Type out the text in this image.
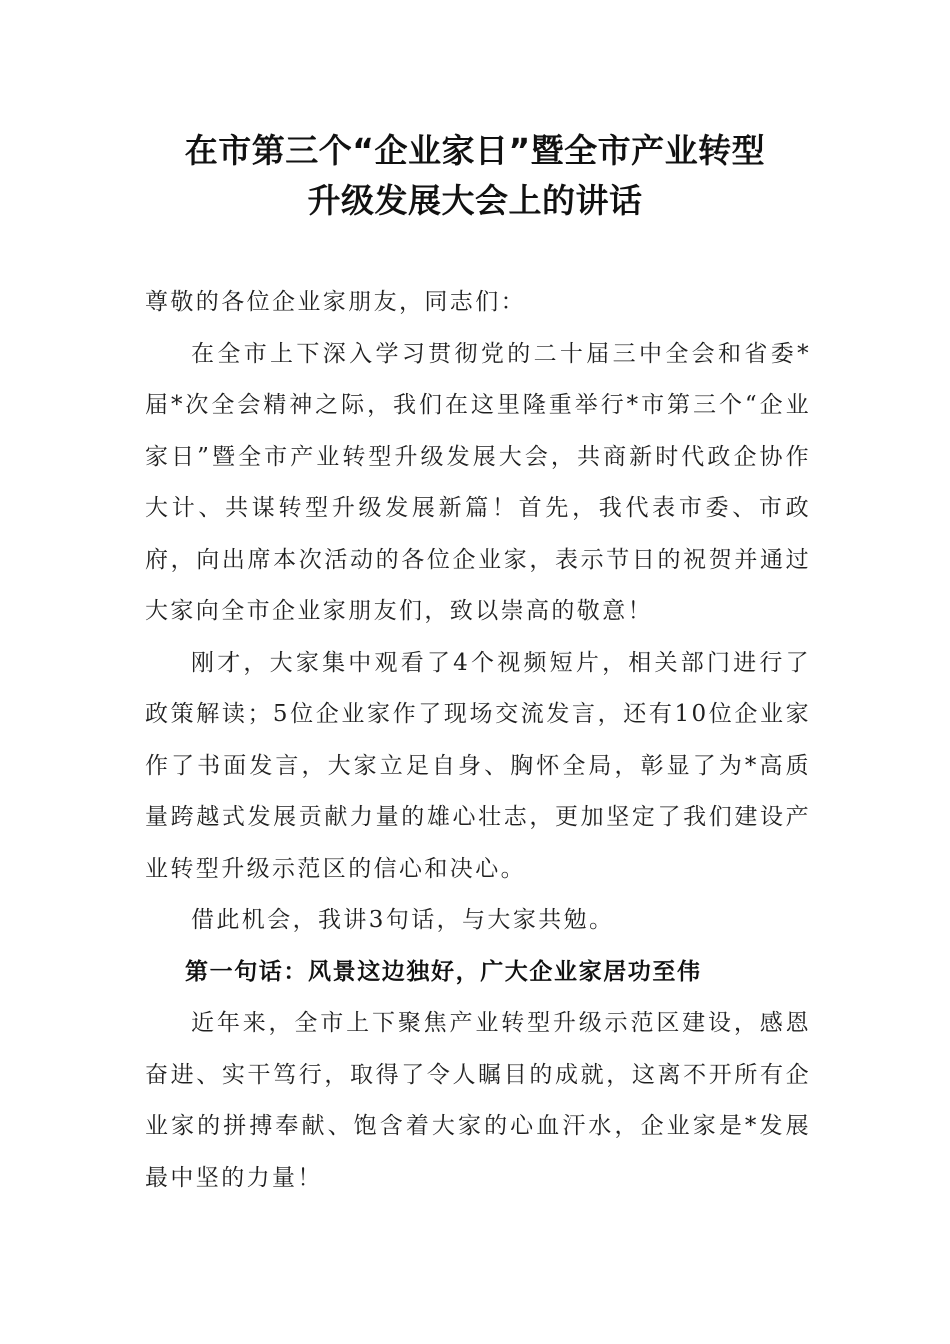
在市第三个“企业家日”暨全市产业转型
升级发展大会上的讲话

尊敬的各位企业家朋友，同志们：

在全市上下深入学习贯彻党的二十届三中全会和省委*届*次全会精神之际，我们在这里隆重举行*市第三个“企业家日”暨全市产业转型升级发展大会，共商新时代政企协作大计、共谋转型升级发展新篇！首先，我代表市委、市政府，向出席本次活动的各位企业家，表示节日的祝贺并通过大家向全市企业家朋友们，致以崇高的敬意！

刚才，大家集中观看了4个视频短片，相关部门进行了政策解读；5位企业家作了现场交流发言，还有10位企业家作了书面发言，大家立足自身、胸怀全局，彰显了为*高质量跨越式发展贡献力量的雄心壮志，更加坚定了我们建设产业转型升级示范区的信心和决心。

借此机会，我讲3句话，与大家共勉。

第一句话：风景这边独好，广大企业家居功至伟

近年来，全市上下聚焦产业转型升级示范区建设，感恩奋进、实干笃行，取得了令人瞩目的成就，这离不开所有企业家的拼搏奉献、饱含着大家的心血汗水，企业家是*发展最中坚的力量！
